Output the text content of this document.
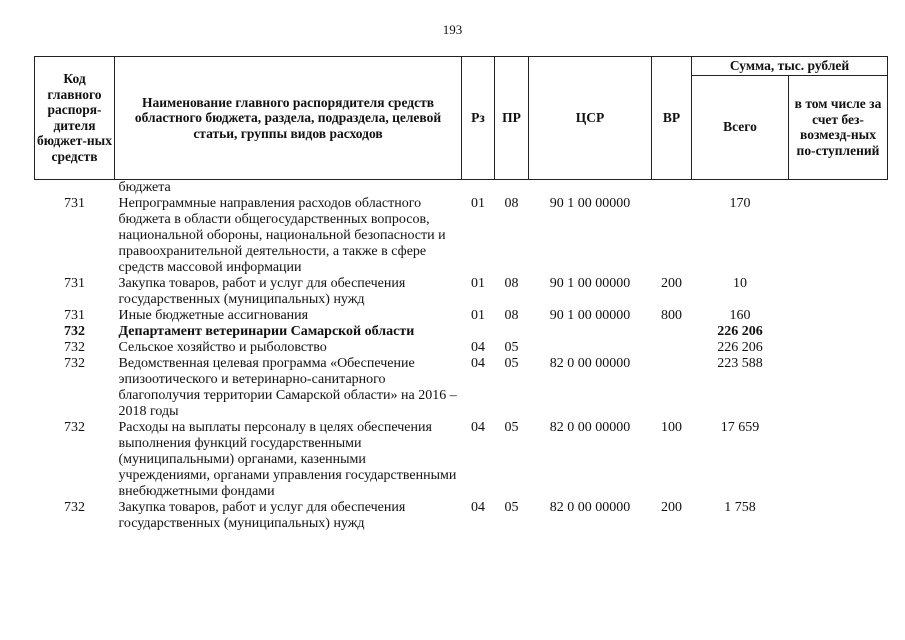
193
Код главного распоря-дителя бюджет-ных средств	Наименование главного распорядителя средств областного бюджета, раздела, подраздела, целевой статьи, группы видов расходов	Рз	ПР	ЦСР	ВР	Сумма, тыс. рублей	
						Всего	в том числе за счет без-возмезд-ных по-ступлений
	бюджета						
731	Непрограммные направления расходов областного бюджета в области общегосударственных вопросов, национальной обороны, национальной безопасности и правоохранительной деятельности, а также в сфере средств массовой информации	01	08	90 1 00 00000		170	
731	Закупка товаров, работ и услуг для обеспечения государственных (муниципальных) нужд	01	08	90 1 00 00000	200	10	
731	Иные бюджетные ассигнования	01	08	90 1 00 00000	800	160	
732	Департамент ветеринарии Самарской области					226 206	
732	Сельское хозяйство и рыболовство	04	05			226 206	
732	Ведомственная целевая программа «Обеспечение эпизоотического и ветеринарно-санитарного благополучия территории Самарской области» на 2016 –2018 годы	04	05	82 0 00 00000		223 588	
732	Расходы на выплаты персоналу в целях обеспечения выполнения функций государственными (муниципальными) органами, казенными учреждениями, органами управления государственными внебюджетными фондами	04	05	82 0 00 00000	100	17 659	
732	Закупка товаров, работ и услуг для обеспечения государственных (муниципальных) нужд	04	05	82 0 00 00000	200	1 758	
